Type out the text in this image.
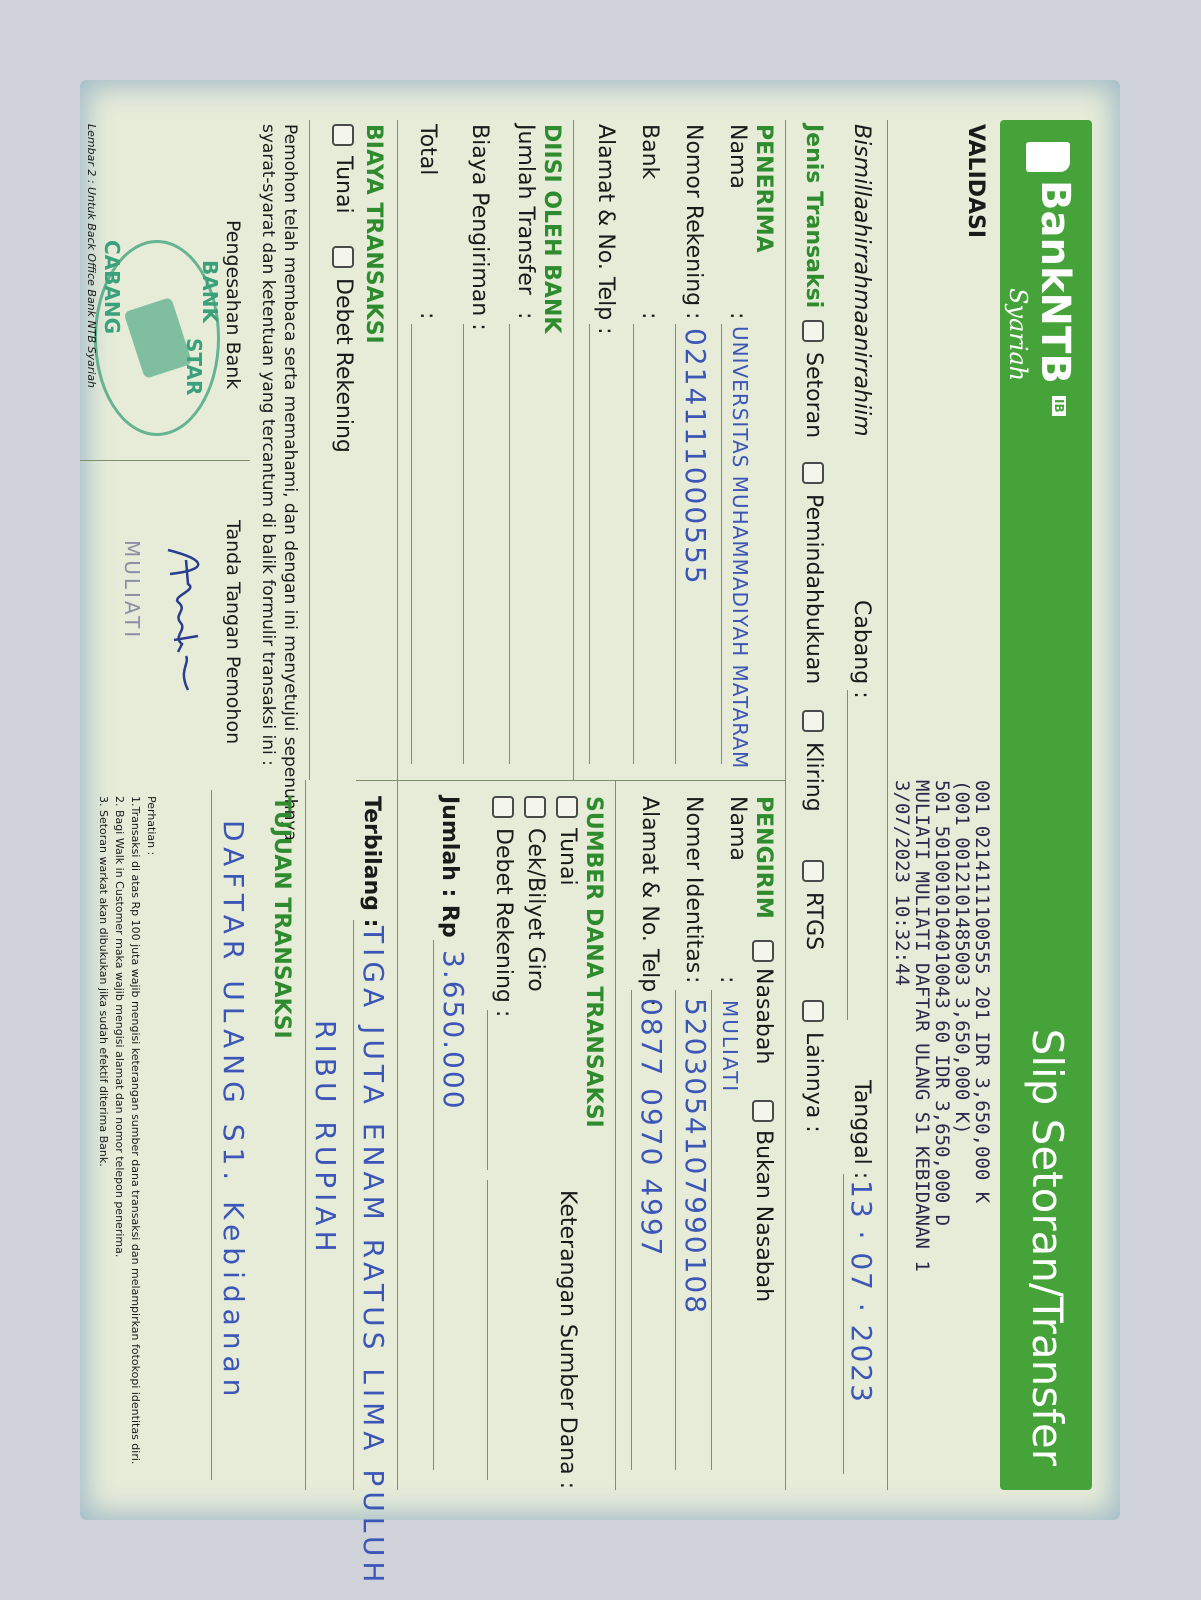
BankNTB
IB
Syariah
Slip Setoran/Transfer
VALIDASI
001 0214111100555 201 IDR 3,650,000 K
(001 0012101485003 3,650,000 K)
501 5010010104010043 60 IDR 3,650,000 D
MULIATI MULIATI DAFTAR ULANG S1 KEBIDANAN 1
3/07/2023 10:32:44
Bismillaahirrahmaanirrahiim
Cabang :
Tanggal :
13 · 07 · 2023
Jenis Transaksi
Setoran
Pemindahbukuan
Kliring
RTGS
Lainnya :
PENERIMA
Nama
:
UNIVERSITAS MUHAMMADIYAH MATARAM
Nomor Rekening
:
0214111000555
Bank
:
Alamat & No. Telp :
PENGIRIM
Nasabah
Bukan Nasabah
Nama
:
MULIATI
Nomer Identitas
:
5203054107990108
Alamat & No. Telp :
0877 0970 4997
DIISI OLEH BANK
Jumlah Transfer
:
Biaya Pengiriman :
Total
:
SUMBER DANA TRANSAKSI
Tunai
Keterangan Sumber Dana :
Cek/Bilyet Giro
Debet Rekening :
Jumlah : Rp
3.650.000
BIAYA TRANSAKSI
Tunai
Debet Rekening
Terbilang :
TIGA JUTA ENAM RATUS LIMA PULUH
RIBU RUPIAH
Pemohon telah membaca serta memahami, dan dengan ini menyetujui sepenuhnya
syarat-syarat dan ketentuan yang tercantum di balik formulir transaksi ini :
Pengesahan Bank
Tanda Tangan Pemohon
BANK
STAR
CABANG
MULIATI
TUJUAN TRANSAKSI
DAFTAR ULANG S1. Kebidanan
Perhatian :
1.Transaksi di atas Rp 100 juta wajib mengisi keterangan sumber dana transaksi dan melampirkan fotokopi identitas diri.
2. Bagi Walk in Customer maka wajib mengisi alamat dan nomor telepon penerima.
3. Setoran warkat akan dibukukan jika sudah efektif diterima Bank.
Lembar 2 : Untuk Back Office Bank NTB Syariah
